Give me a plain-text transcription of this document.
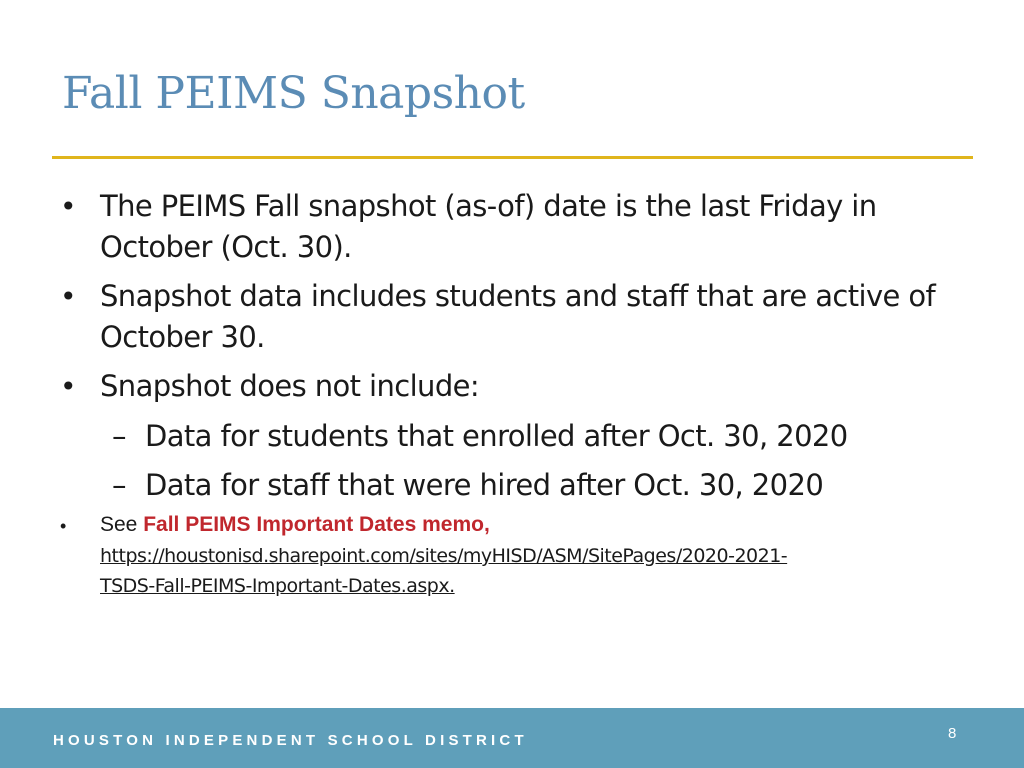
Fall PEIMS Snapshot
• The PEIMS Fall snapshot (as-of) date is the last Friday in
October (Oct. 30).
• Snapshot data includes students and staff that are active of
October 30.
• Snapshot does not include:
– Data for students that enrolled after Oct. 30, 2020
– Data for staff that were hired after Oct. 30, 2020
• See Fall PEIMS Important Dates memo,
https://houstonisd.sharepoint.com/sites/myHISD/ASM/SitePages/2020-2021-
TSDS-Fall-PEIMS-Important-Dates.aspx.
HOUSTON INDEPENDENT SCHOOL DISTRICT	8
